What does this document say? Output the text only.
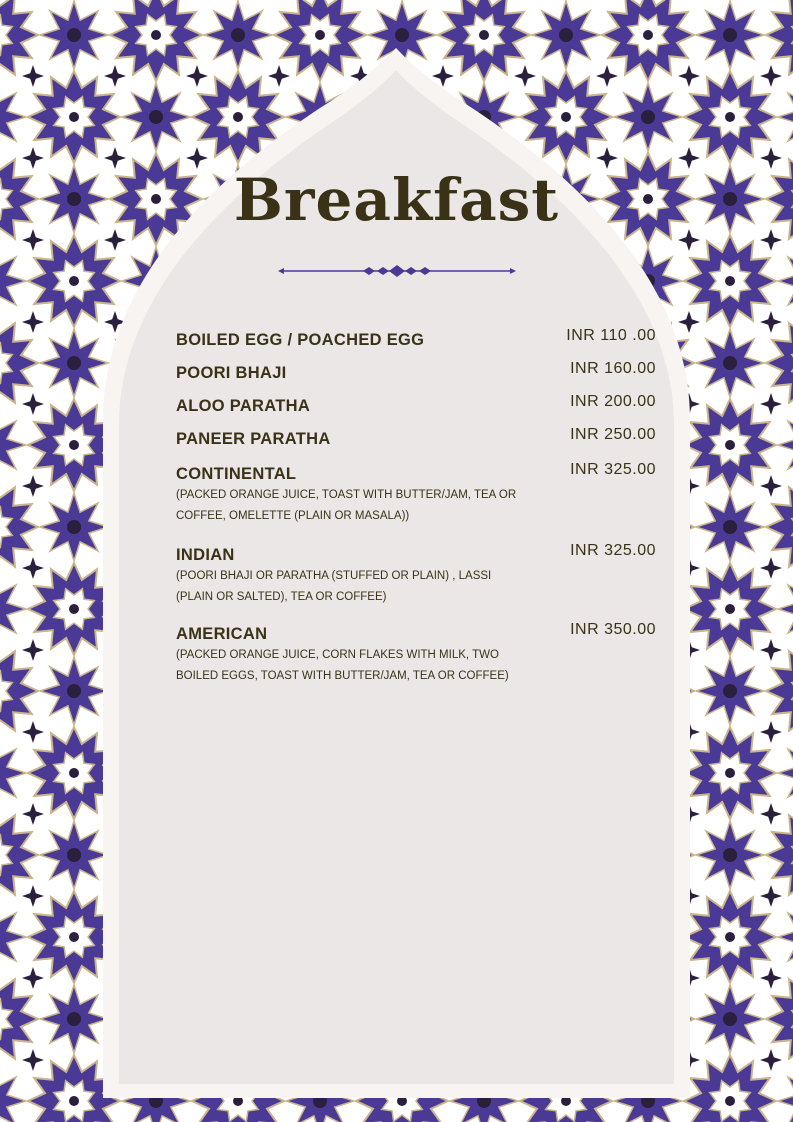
Breakfast
BOILED EGG / POACHED EGG	INR 110 .00
POORI BHAJI	INR 160.00
ALOO PARATHA	INR 200.00
PANEER PARATHA	INR 250.00
CONTINENTAL	INR 325.00
(PACKED ORANGE JUICE, TOAST WITH BUTTER/JAM, TEA OR COFFEE, OMELETTE (PLAIN OR MASALA))
INDIAN	INR 325.00
(POORI BHAJI OR PARATHA (STUFFED OR PLAIN) , LASSI (PLAIN OR SALTED), TEA OR COFFEE)
AMERICAN	INR 350.00
(PACKED ORANGE JUICE, CORN FLAKES WITH MILK, TWO BOILED EGGS, TOAST WITH BUTTER/JAM, TEA OR COFFEE)
